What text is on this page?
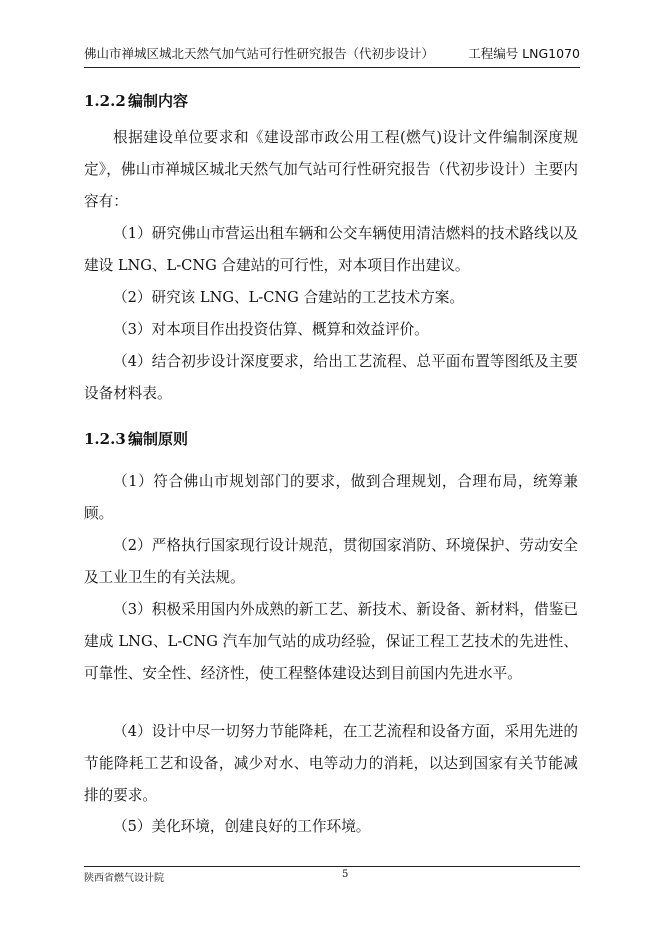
佛山市禅城区城北天然气加气站可行性研究报告（代初步设计）	工程编号 LNG1070
1.2.2 编制内容

根据建设单位要求和《建设部市政公用工程(燃气)设计文件编制深度规定》，佛山市禅城区城北天然气加气站可行性研究报告（代初步设计）主要内容有：

（1）研究佛山市营运出租车辆和公交车辆使用清洁燃料的技术路线以及建设 LNG、L-CNG 合建站的可行性，对本项目作出建议。

（2）研究该 LNG、L-CNG 合建站的工艺技术方案。

（3）对本项目作出投资估算、概算和效益评价。

（4）结合初步设计深度要求，给出工艺流程、总平面布置等图纸及主要设备材料表。

1.2.3 编制原则

（1）符合佛山市规划部门的要求，做到合理规划，合理布局，统筹兼顾。

（2）严格执行国家现行设计规范，贯彻国家消防、环境保护、劳动安全及工业卫生的有关法规。

（3）积极采用国内外成熟的新工艺、新技术、新设备、新材料，借鉴已建成 LNG、L-CNG 汽车加气站的成功经验，保证工程工艺技术的先进性、可靠性、安全性、经济性，使工程整体建设达到目前国内先进水平。

（4）设计中尽一切努力节能降耗，在工艺流程和设备方面，采用先进的节能降耗工艺和设备，减少对水、电等动力的消耗，以达到国家有关节能减排的要求。

（5）美化环境，创建良好的工作环境。

陕西省燃气设计院	5
